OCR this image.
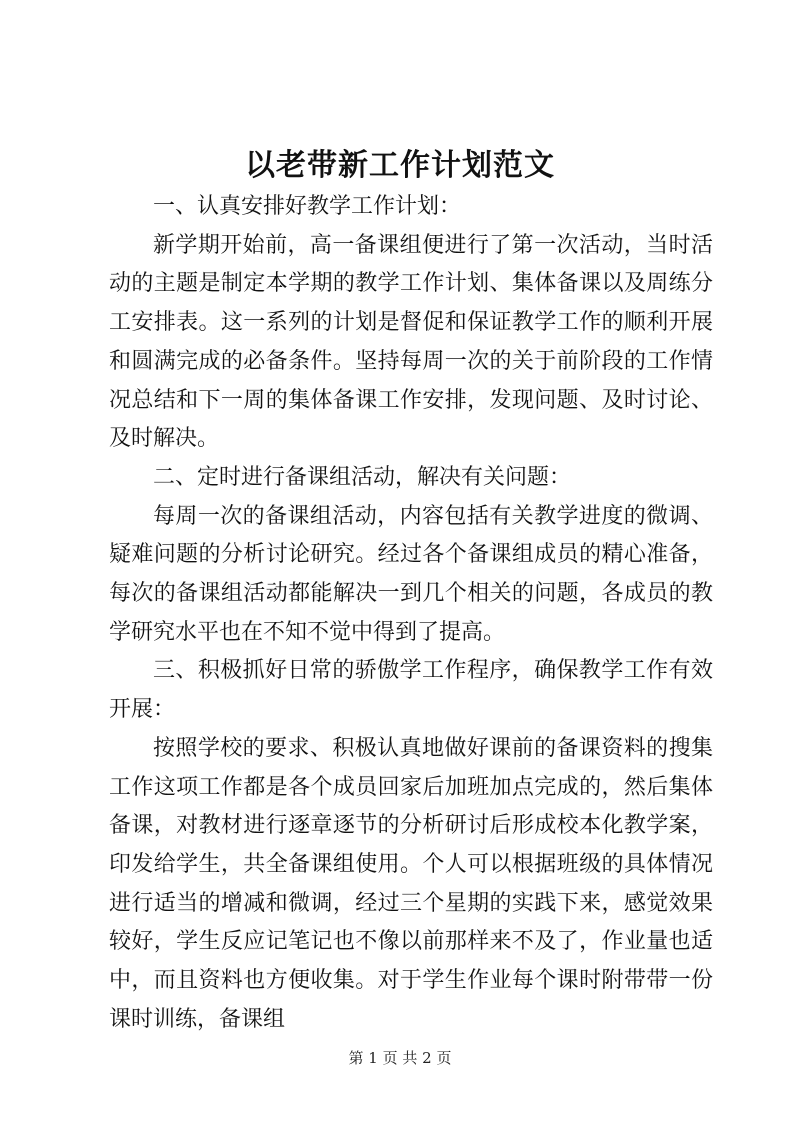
以老带新工作计划范文

一、认真安排好教学工作计划：

新学期开始前，高一备课组便进行了第一次活动，当时活动的主题是制定本学期的教学工作计划、集体备课以及周练分工安排表。这一系列的计划是督促和保证教学工作的顺利开展和圆满完成的必备条件。坚持每周一次的关于前阶段的工作情况总结和下一周的集体备课工作安排，发现问题、及时讨论、及时解决。

二、定时进行备课组活动，解决有关问题：

每周一次的备课组活动，内容包括有关教学进度的微调、疑难问题的分析讨论研究。经过各个备课组成员的精心准备，每次的备课组活动都能解决一到几个相关的问题，各成员的教学研究水平也在不知不觉中得到了提高。

三、积极抓好日常的骄傲学工作程序，确保教学工作有效开展：

按照学校的要求、积极认真地做好课前的备课资料的搜集工作这项工作都是各个成员回家后加班加点完成的，然后集体备课，对教材进行逐章逐节的分析研讨后形成校本化教学案，印发给学生，共全备课组使用。个人可以根据班级的具体情况进行适当的增减和微调，经过三个星期的实践下来，感觉效果较好，学生反应记笔记也不像以前那样来不及了，作业量也适中，而且资料也方便收集。对于学生作业每个课时附带带一份课时训练，备课组

第 1 页 共 2 页
